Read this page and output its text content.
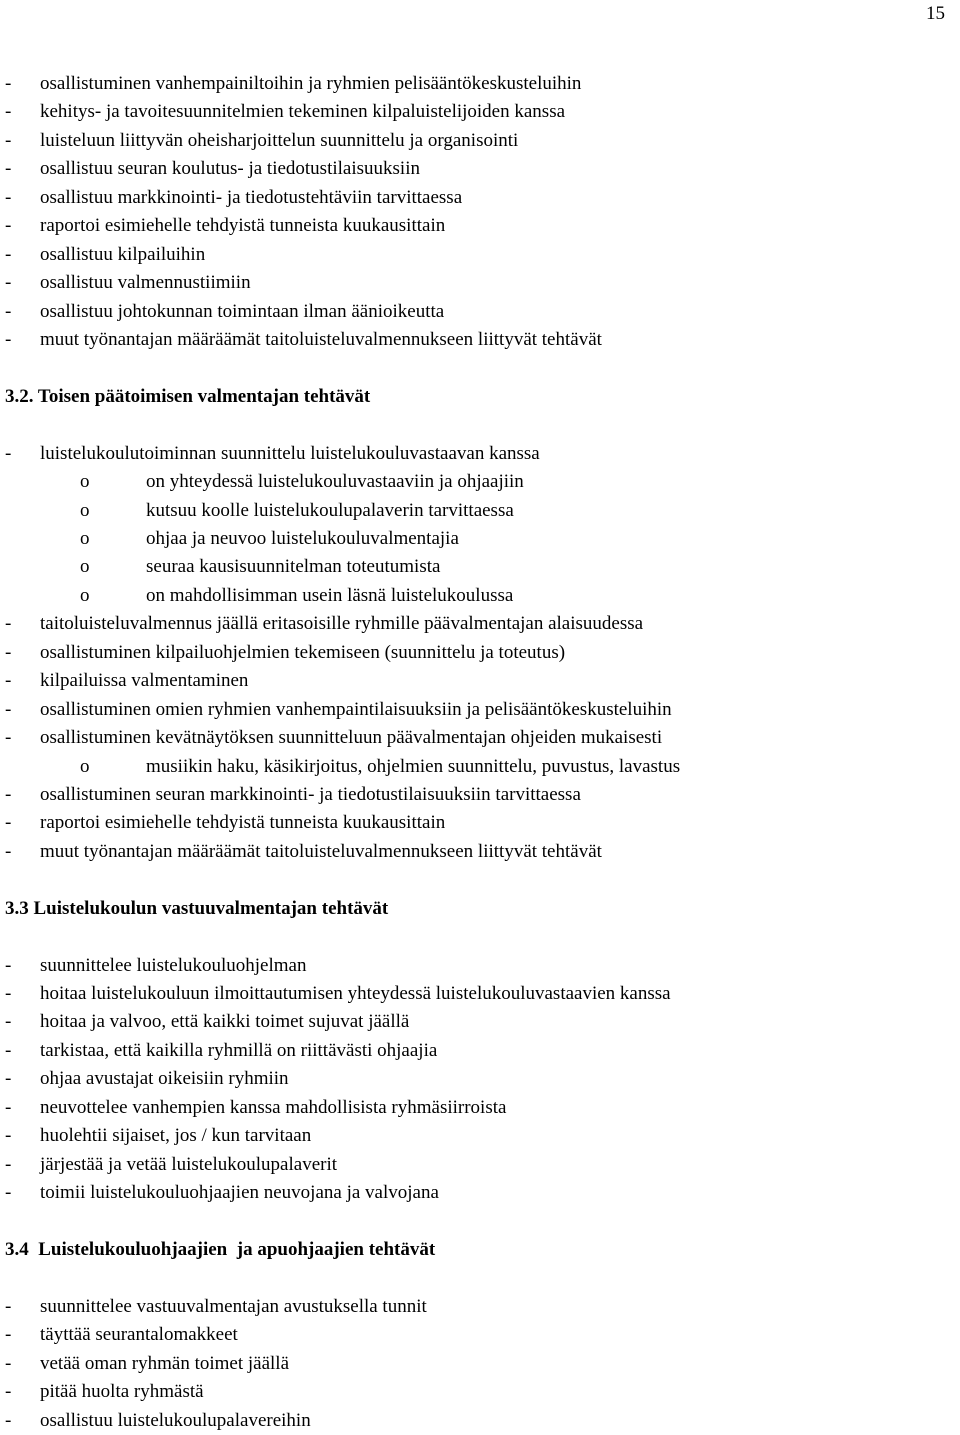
15
- osallistuminen vanhempainiltoihin ja ryhmien pelisääntökeskusteluihin
- kehitys- ja tavoitesuunnitelmien tekeminen kilpaluistelijoiden kanssa
- luisteluun liittyvän oheisharjoittelun suunnittelu ja organisointi
- osallistuu seuran koulutus- ja tiedotustilaisuuksiin
- osallistuu markkinointi- ja tiedotustehtäviin tarvittaessa
- raportoi esimiehelle tehdyistä tunneista kuukausittain
- osallistuu kilpailuihin
- osallistuu valmennustiimiin
- osallistuu johtokunnan toimintaan ilman äänioikeutta
- muut työnantajan määräämät taitoluisteluvalmennukseen liittyvät tehtävät
3.2. Toisen päätoimisen valmentajan tehtävät
- luistelukoulutoiminnan suunnittelu luistelukouluvastaavan kanssa
o	on yhteydessä luistelukouluvastaaviin ja ohjaajiin
o	kutsuu koolle luistelukoulupalaverin tarvittaessa
o	ohjaa ja neuvoo luistelukouluvalmentajia
o	seuraa kausisuunnitelman toteutumista
o	on mahdollisimman usein läsnä luistelukoulussa
- taitoluisteluvalmennus jäällä eritasoisille ryhmille päävalmentajan alaisuudessa
- osallistuminen kilpailuohjelmien tekemiseen (suunnittelu ja toteutus)
- kilpailuissa valmentaminen
- osallistuminen omien ryhmien vanhempaintilaisuuksiin ja pelisääntökeskusteluihin
- osallistuminen kevätnäytöksen suunnitteluun päävalmentajan ohjeiden mukaisesti
o	musiikin haku, käsikirjoitus, ohjelmien suunnittelu, puvustus, lavastus
- osallistuminen seuran markkinointi- ja tiedotustilaisuuksiin tarvittaessa
- raportoi esimiehelle tehdyistä tunneista kuukausittain
- muut työnantajan määräämät taitoluisteluvalmennukseen liittyvät tehtävät
3.3 Luistelukoulun vastuuvalmentajan tehtävät
- suunnittelee luistelukouluohjelman
- hoitaa luistelukouluun ilmoittautumisen yhteydessä luistelukouluvastaavien kanssa
- hoitaa ja valvoo, että kaikki toimet sujuvat jäällä
- tarkistaa, että kaikilla ryhmillä on riittävästi ohjaajia
- ohjaa avustajat oikeisiin ryhmiin
- neuvottelee vanhempien kanssa mahdollisista ryhmäsiirroista
- huolehtii sijaiset, jos / kun tarvitaan
- järjestää ja vetää luistelukoulupalaverit
- toimii luistelukouluohjaajien neuvojana ja valvojana
3.4  Luistelukouluohjaajien  ja apuohjaajien tehtävät
- suunnittelee vastuuvalmentajan avustuksella tunnit
- täyttää seurantalomakkeet
- vetää oman ryhmän toimet jäällä
- pitää huolta ryhmästä
- osallistuu luistelukoulupalavereihin
